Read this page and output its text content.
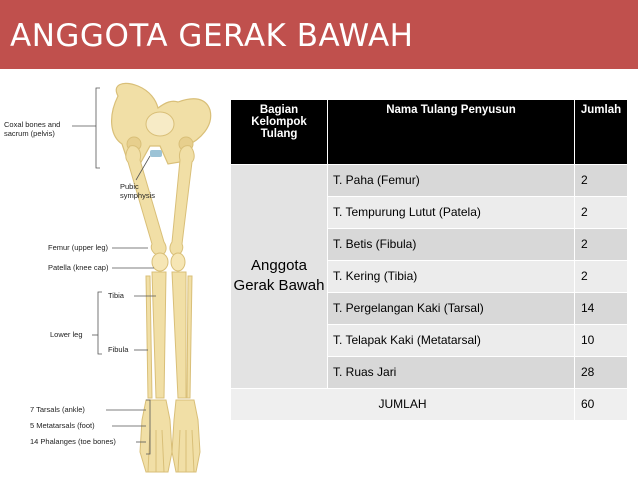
ANGGOTA GERAK BAWAH
Coxal bones and
sacrum (pelvis)
Pubic
symphysis
Femur (upper leg)
Patella (knee cap)
Tibia
Lower leg
Fibula
7 Tarsals (ankle)
5 Metatarsals (foot)
14 Phalanges (toe bones)
Bagian Kelompok Tulang	Nama Tulang Penyusun	Jumlah
Anggota Gerak Bawah	T. Paha (Femur)	2
	T. Tempurung Lutut (Patela)	2
	T. Betis (Fibula)	2
	T. Kering (Tibia)	2
	T. Pergelangan Kaki (Tarsal)	14
	T. Telapak Kaki (Metatarsal)	10
	T. Ruas Jari	28
JUMLAH		60
